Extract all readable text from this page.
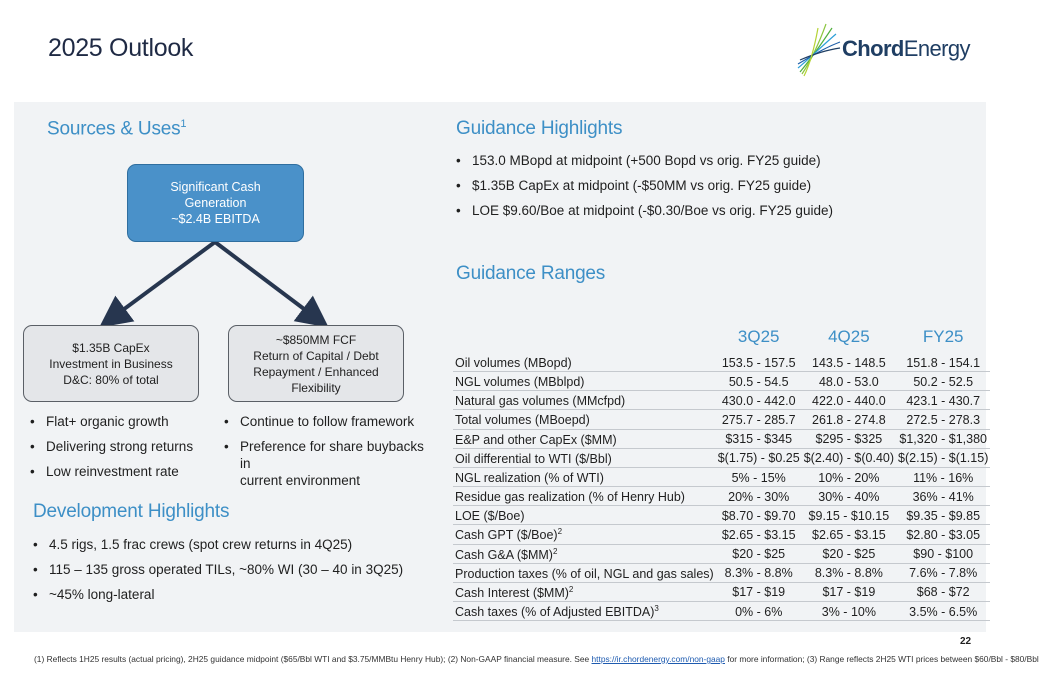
2025 Outlook	ChordEnergy
Sources & Uses$^1$
Significant Cash Generation
~$2.4B EBITDA
$1.35B CapEx
Investment in Business
D&C: 80% of total
~$850MM FCF
Return of Capital / Debt
Repayment / Enhanced
Flexibility
• Flat+ organic growth
• Delivering strong returns
• Low reinvestment rate
• Continue to follow framework
• Preference for share buybacks in
current environment
Development Highlights
• 4.5 rigs, 1.5 frac crews (spot crew returns in 4Q25)
• 115 – 135 gross operated TILs, ~80% WI (30 – 40 in 3Q25)
• ~45% long-lateral
Guidance Highlights
• 153.0 MBopd at midpoint (+500 Bopd vs orig. FY25 guide)
• $1.35B CapEx at midpoint (-$50MM vs orig. FY25 guide)
• LOE $9.60/Boe at midpoint (-$0.30/Boe vs orig. FY25 guide)
Guidance Ranges
	3Q25	4Q25	FY25
Oil volumes (MBopd)	153.5 - 157.5	143.5 - 148.5	151.8 - 154.1
NGL volumes (MBblpd)	50.5 - 54.5	48.0 - 53.0	50.2 - 52.5
Natural gas volumes (MMcfpd)	430.0 - 442.0	422.0 - 440.0	423.1 - 430.7
Total volumes (MBoepd)	275.7 - 285.7	261.8 - 274.8	272.5 - 278.3
E&P and other CapEx ($MM)	$315 - $345	$295 - $325	$1,320 - $1,380
Oil differential to WTI ($/Bbl)	$(1.75) - $0.25	$(2.40) - $(0.40)	$(2.15) - $(1.15)
NGL realization (% of WTI)	5% - 15%	10% - 20%	11% - 16%
Residue gas realization (% of Henry Hub)	20% - 30%	30% - 40%	36% - 41%
LOE ($/Boe)	$8.70 - $9.70	$9.15 - $10.15	$9.35 - $9.85
Cash GPT ($/Boe)$^2$	$2.65 - $3.15	$2.65 - $3.15	$2.80 - $3.05
Cash G&A ($MM)$^2$	$20 - $25	$20 - $25	$90 - $100
Production taxes (% of oil, NGL and gas sales)	8.3% - 8.8%	8.3% - 8.8%	7.6% - 7.8%
Cash Interest ($MM)$^2$	$17 - $19	$17 - $19	$68 - $72
Cash taxes (% of Adjusted EBITDA)$^3$	0% - 6%	3% - 10%	3.5% - 6.5%
22
(1) Reflects 1H25 results (actual pricing), 2H25 guidance midpoint ($65/Bbl WTI and $3.75/MMBtu Henry Hub); (2) Non-GAAP financial measure. See https://ir.chordenergy.com/non-gaap for more information; (3) Range reflects 2H25 WTI prices between $60/Bbl - $80/Bbl
